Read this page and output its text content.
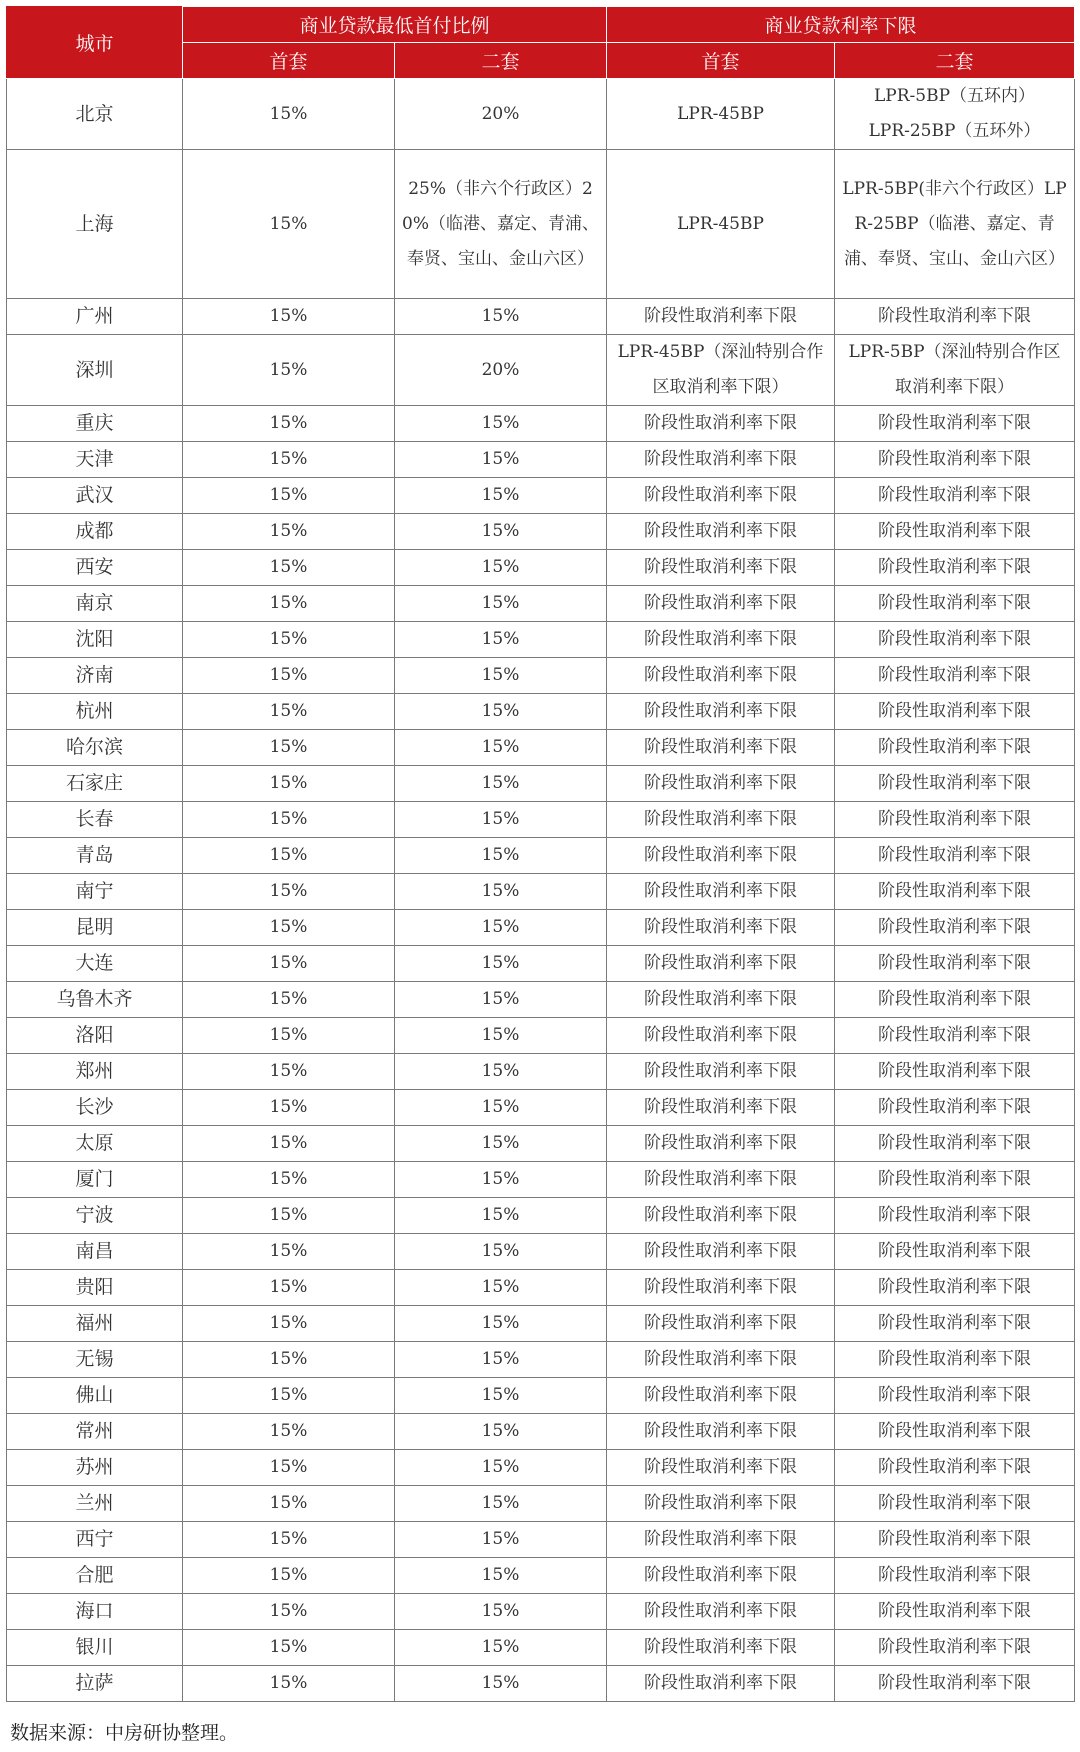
城市	商业贷款最低首付比例		商业贷款利率下限	
	首套	二套	首套	二套
北京	15%	20%	LPR-45BP	LPR-5BP（五环内）
LPR-25BP（五环外）

上海	15%	25%（非六个行政区）20%（临港、嘉定、青浦、奉贤、宝山、金山六区）	LPR-45BP	LPR-5BP(非六个行政区）LPR-25BP（临港、嘉定、青浦、奉贤、宝山、金山六区）

广州	15%	15%	阶段性取消利率下限	阶段性取消利率下限
深圳	15%	20%	LPR-45BP（深汕特别合作区取消利率下限）	LPR-5BP（深汕特别合作区取消利率下限）

重庆	15%	15%	阶段性取消利率下限	阶段性取消利率下限
天津	15%	15%	阶段性取消利率下限	阶段性取消利率下限
武汉	15%	15%	阶段性取消利率下限	阶段性取消利率下限
成都	15%	15%	阶段性取消利率下限	阶段性取消利率下限
西安	15%	15%	阶段性取消利率下限	阶段性取消利率下限
南京	15%	15%	阶段性取消利率下限	阶段性取消利率下限
沈阳	15%	15%	阶段性取消利率下限	阶段性取消利率下限
济南	15%	15%	阶段性取消利率下限	阶段性取消利率下限
杭州	15%	15%	阶段性取消利率下限	阶段性取消利率下限
哈尔滨	15%	15%	阶段性取消利率下限	阶段性取消利率下限
石家庄	15%	15%	阶段性取消利率下限	阶段性取消利率下限
长春	15%	15%	阶段性取消利率下限	阶段性取消利率下限
青岛	15%	15%	阶段性取消利率下限	阶段性取消利率下限
南宁	15%	15%	阶段性取消利率下限	阶段性取消利率下限
昆明	15%	15%	阶段性取消利率下限	阶段性取消利率下限
大连	15%	15%	阶段性取消利率下限	阶段性取消利率下限
乌鲁木齐	15%	15%	阶段性取消利率下限	阶段性取消利率下限
洛阳	15%	15%	阶段性取消利率下限	阶段性取消利率下限
郑州	15%	15%	阶段性取消利率下限	阶段性取消利率下限
长沙	15%	15%	阶段性取消利率下限	阶段性取消利率下限
太原	15%	15%	阶段性取消利率下限	阶段性取消利率下限
厦门	15%	15%	阶段性取消利率下限	阶段性取消利率下限
宁波	15%	15%	阶段性取消利率下限	阶段性取消利率下限
南昌	15%	15%	阶段性取消利率下限	阶段性取消利率下限
贵阳	15%	15%	阶段性取消利率下限	阶段性取消利率下限
福州	15%	15%	阶段性取消利率下限	阶段性取消利率下限
无锡	15%	15%	阶段性取消利率下限	阶段性取消利率下限
佛山	15%	15%	阶段性取消利率下限	阶段性取消利率下限
常州	15%	15%	阶段性取消利率下限	阶段性取消利率下限
苏州	15%	15%	阶段性取消利率下限	阶段性取消利率下限
兰州	15%	15%	阶段性取消利率下限	阶段性取消利率下限
西宁	15%	15%	阶段性取消利率下限	阶段性取消利率下限
合肥	15%	15%	阶段性取消利率下限	阶段性取消利率下限
海口	15%	15%	阶段性取消利率下限	阶段性取消利率下限
银川	15%	15%	阶段性取消利率下限	阶段性取消利率下限
拉萨	15%	15%	阶段性取消利率下限	阶段性取消利率下限
数据来源：中房研协整理。
